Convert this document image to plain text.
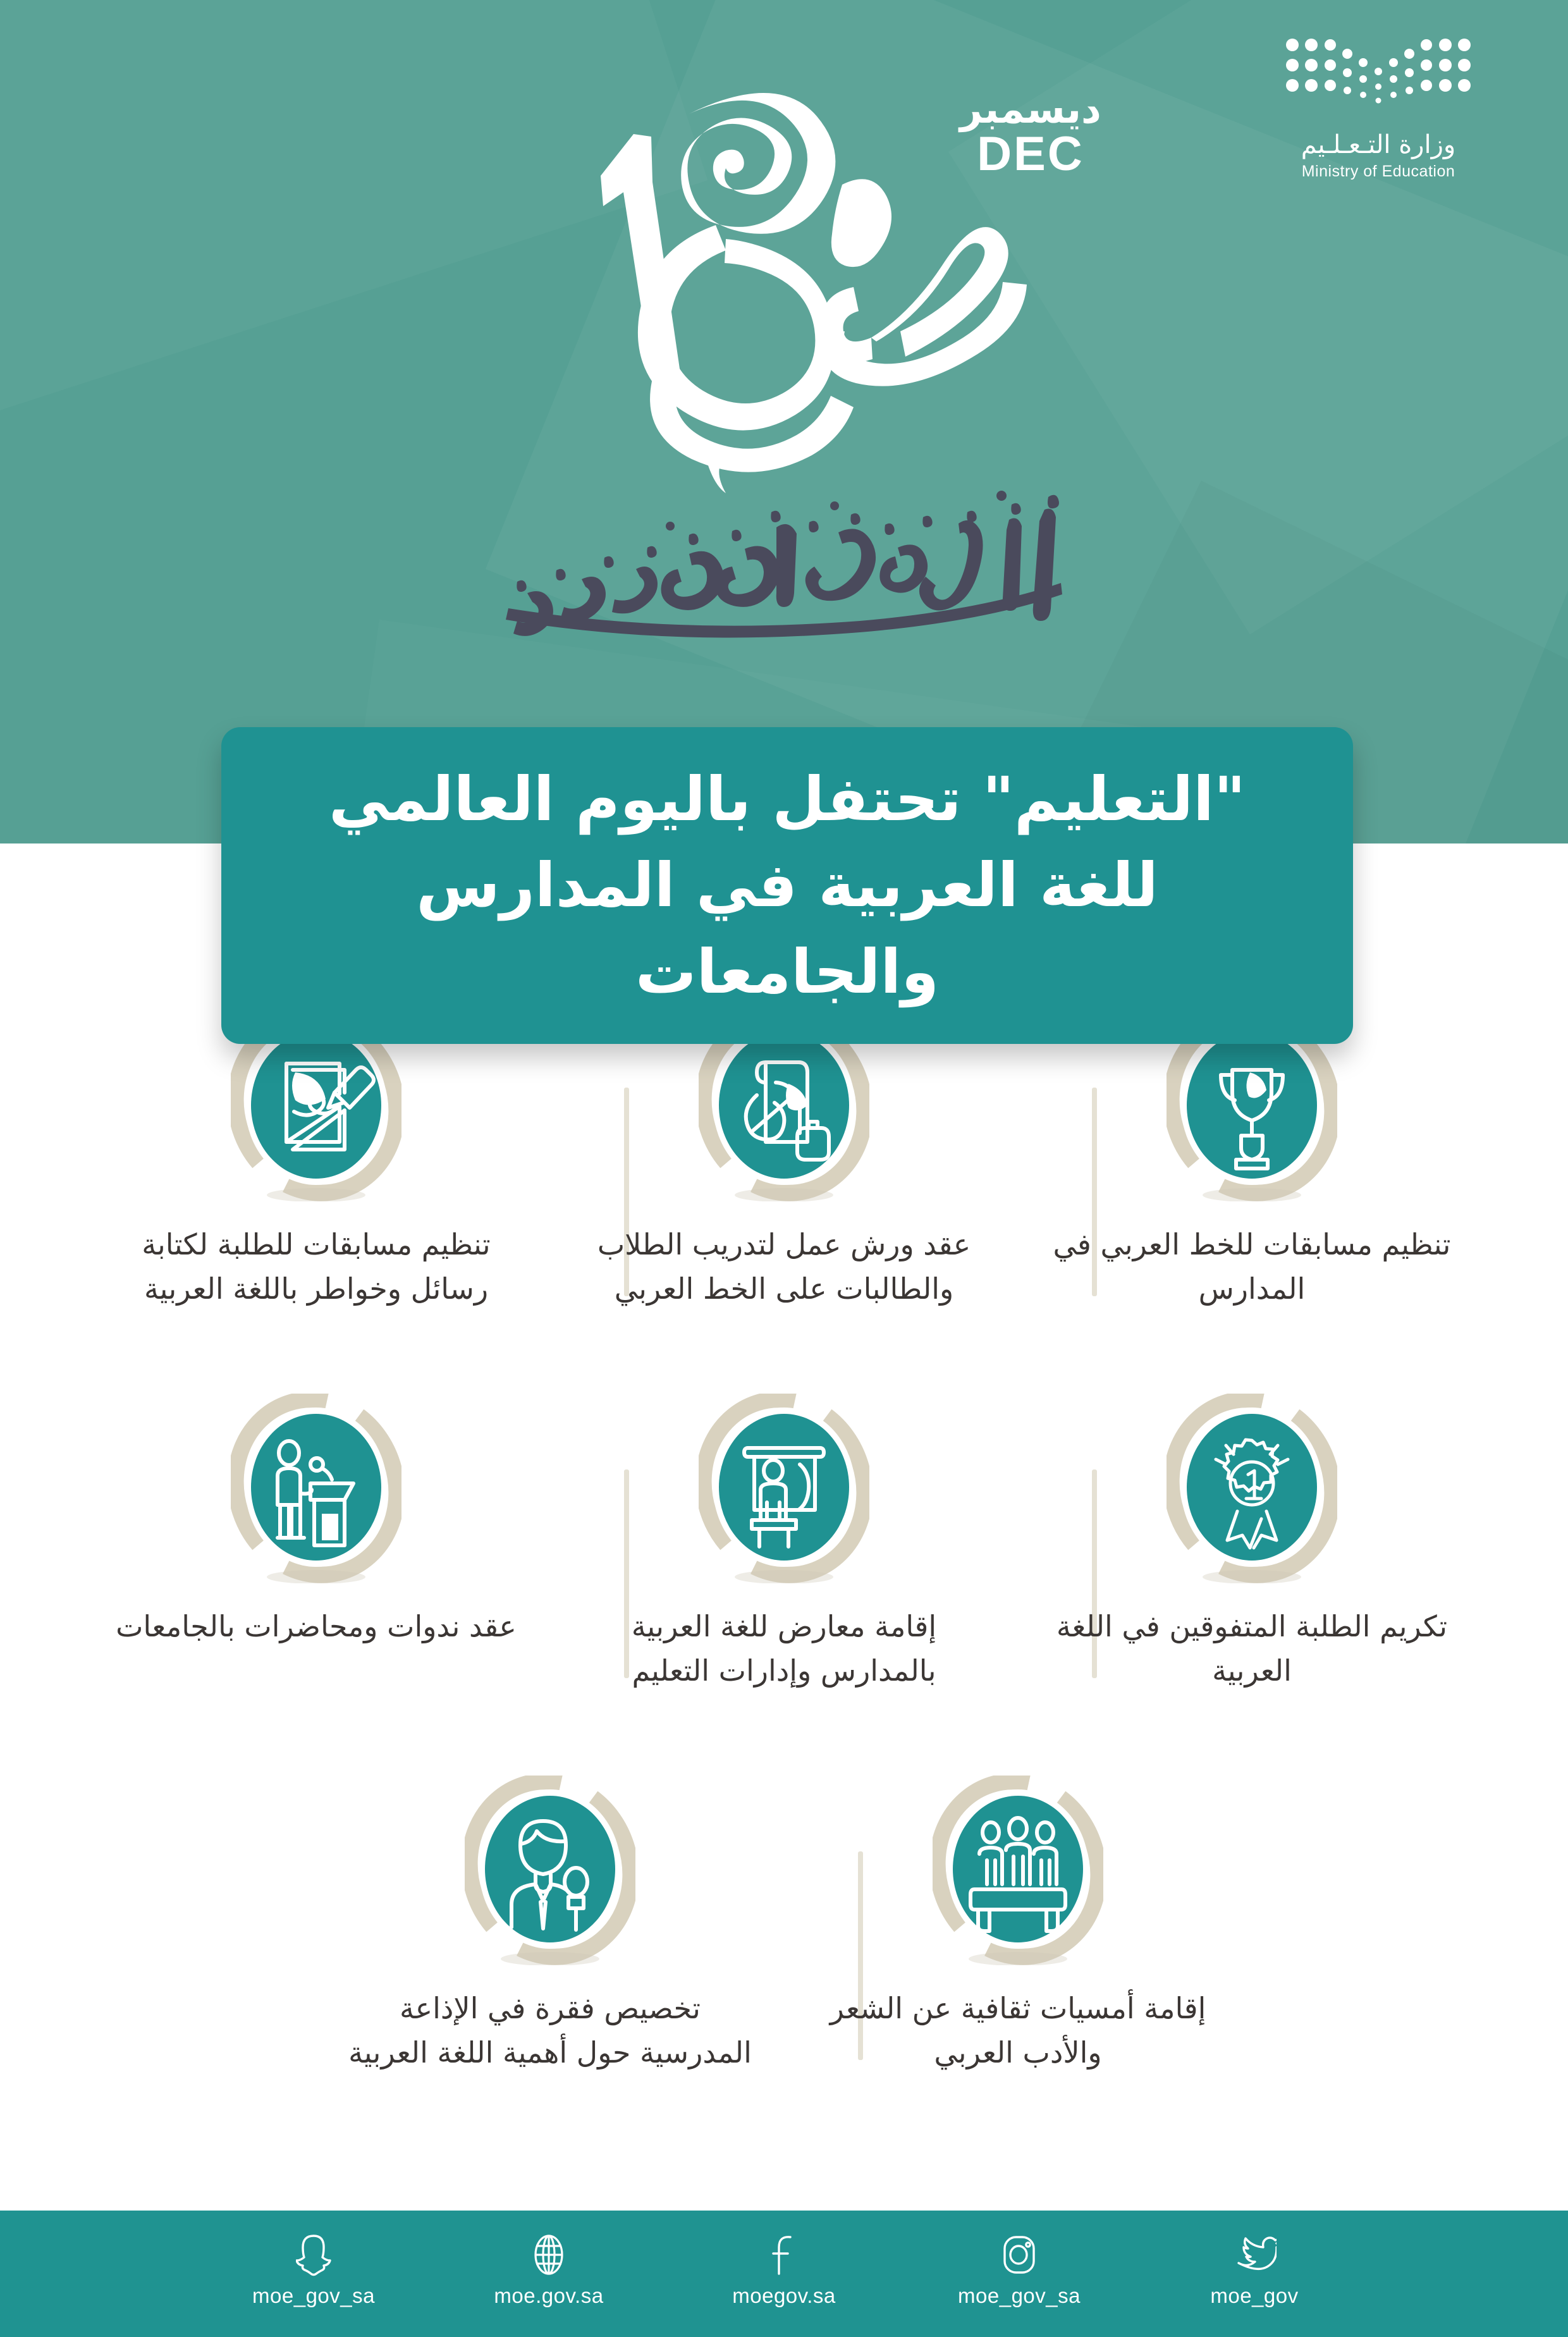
وزارة التـعـلـيم
Ministry of Education
ديسمبر
DEC
"التعليم" تحتفل باليوم العالمي للغة العربية في المدارس والجامعات
تنظيم مسابقات للخط العربي في المدارس
عقد ورش عمل لتدريب الطلاب والطالبات على الخط العربي
تنظيم مسابقات للطلبة لكتابة رسائل وخواطر باللغة العربية
تكريم الطلبة المتفوقين في اللغة العربية
إقامة معارض للغة العربية بالمدارس وإدارات التعليم
عقد ندوات ومحاضرات بالجامعات
إقامة أمسيات ثقافية عن الشعر والأدب العربي
تخصيص فقرة في الإذاعة المدرسية حول أهمية اللغة العربية
moe_gov
moe_gov_sa
moegov.sa
moe.gov.sa
moe_gov_sa
